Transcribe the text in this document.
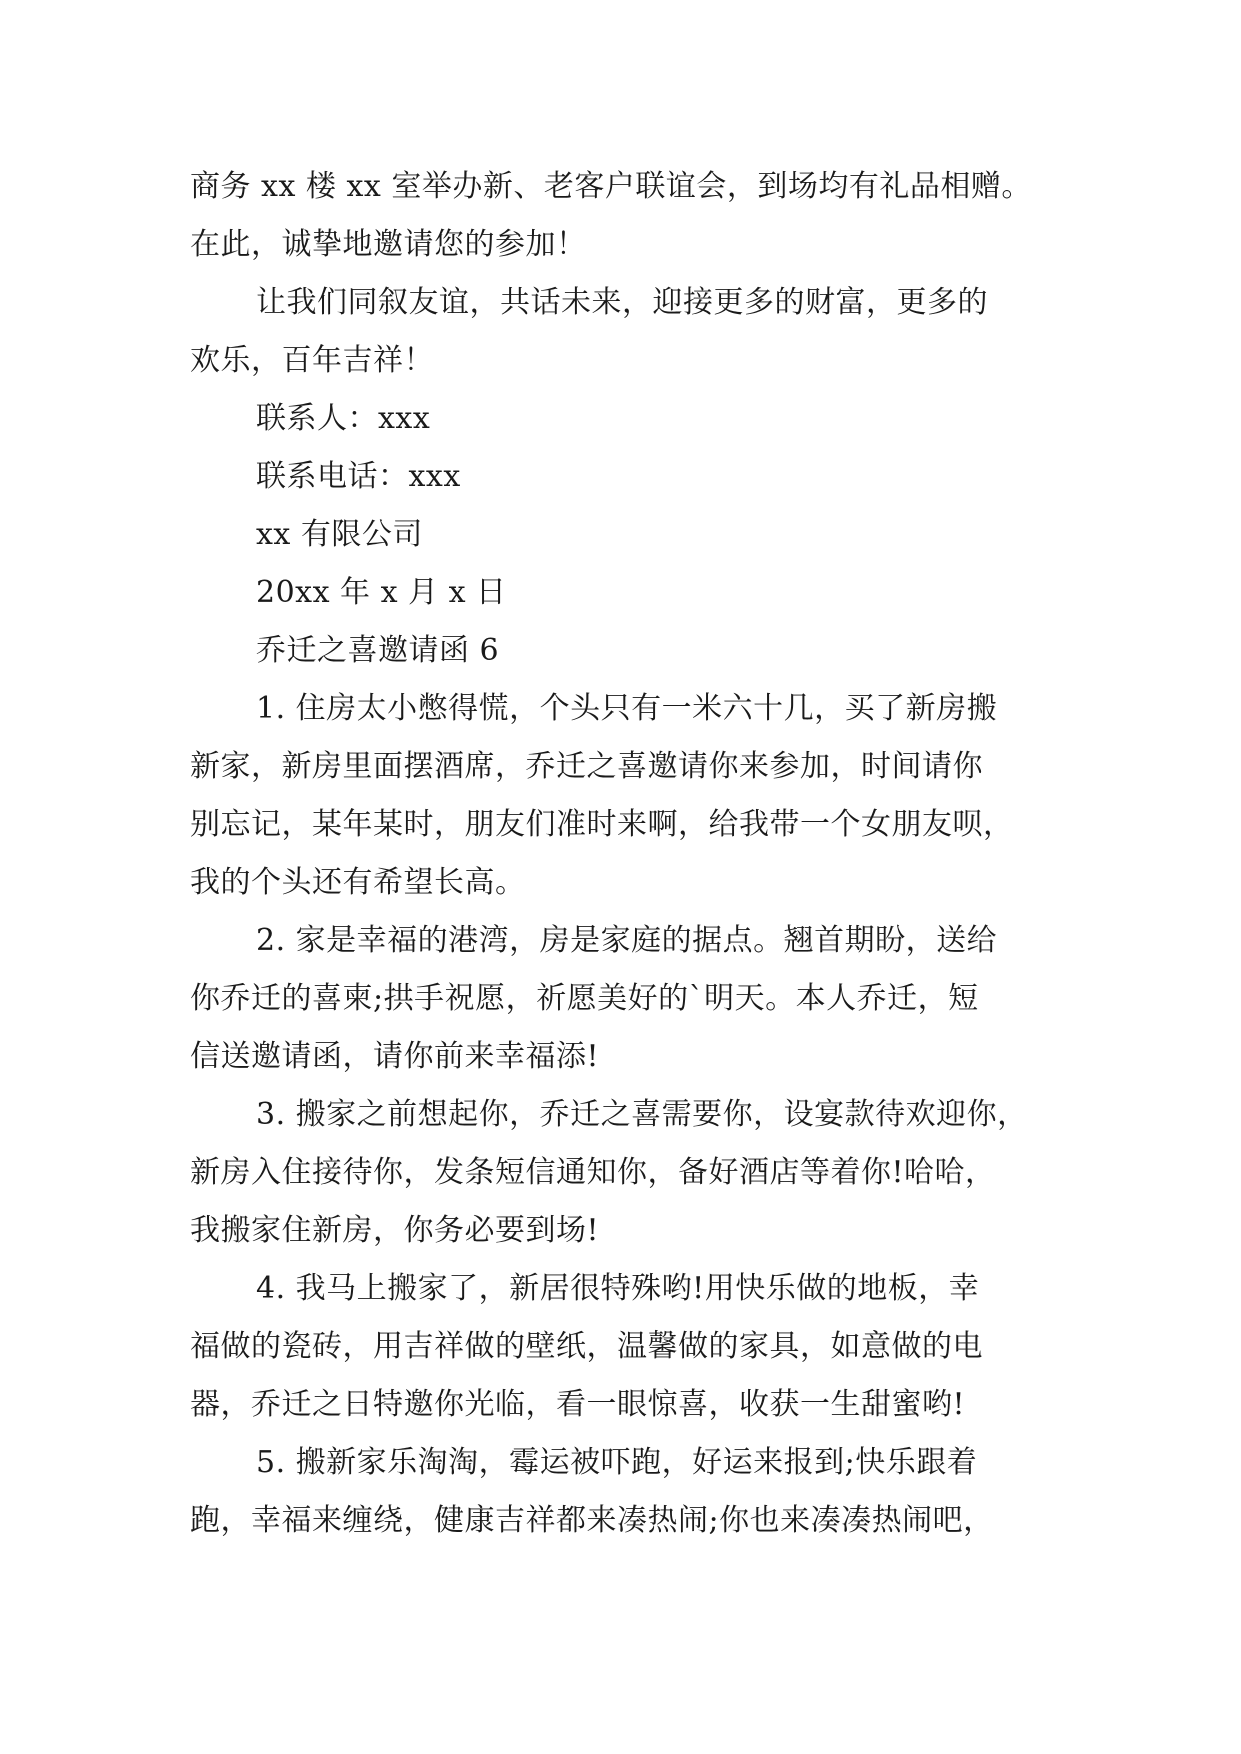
商务 xx 楼 xx 室举办新、老客户联谊会，到场均有礼品相赠。
在此，诚挚地邀请您的参加！
让我们同叙友谊，共话未来，迎接更多的财富，更多的
欢乐，百年吉祥！
联系人：xxx
联系电话：xxx
xx 有限公司
20xx 年 x 月 x 日
乔迁之喜邀请函 6
1. 住房太小憋得慌，个头只有一米六十几，买了新房搬
新家，新房里面摆酒席，乔迁之喜邀请你来参加，时间请你
别忘记，某年某时，朋友们准时来啊，给我带一个女朋友呗，
我的个头还有希望长高。
2. 家是幸福的港湾，房是家庭的据点。翘首期盼，送给
你乔迁的喜柬;拱手祝愿，祈愿美好的`明天。本人乔迁，短
信送邀请函，请你前来幸福添!
3. 搬家之前想起你，乔迁之喜需要你，设宴款待欢迎你，
新房入住接待你，发条短信通知你，备好酒店等着你!哈哈，
我搬家住新房，你务必要到场!
4. 我马上搬家了，新居很特殊哟!用快乐做的地板，幸
福做的瓷砖，用吉祥做的壁纸，温馨做的家具，如意做的电
器，乔迁之日特邀你光临，看一眼惊喜，收获一生甜蜜哟!
5. 搬新家乐淘淘，霉运被吓跑，好运来报到;快乐跟着
跑，幸福来缠绕，健康吉祥都来凑热闹;你也来凑凑热闹吧，
